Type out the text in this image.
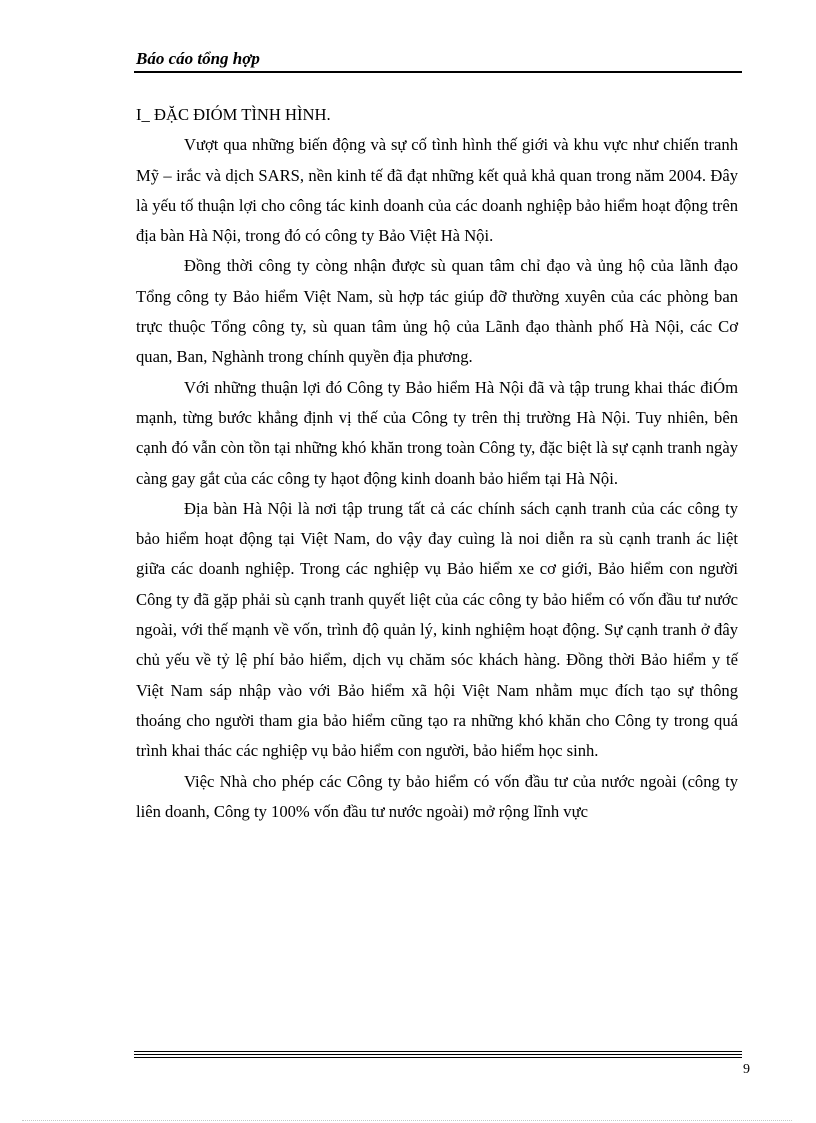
Báo cáo tổng hợp

I_ ĐẶC ĐIÓM TÌNH HÌNH.

Vượt qua những biến động và sự cố tình hình thế giới và khu vực như chiến tranh Mỹ – irắc và dịch SARS, nền kinh tế đã đạt những kết quả khả quan trong năm 2004. Đây là yếu tố thuận lợi cho công tác kinh doanh của các doanh nghiệp bảo hiểm hoạt động trên địa bàn Hà Nội, trong đó có công ty Bảo Việt Hà Nội.

Đồng thời công ty còng nhận được sù quan tâm chỉ đạo và ủng hộ của lãnh đạo Tổng công ty Bảo hiểm Việt Nam, sù hợp tác giúp đỡ thường xuyên của các phòng ban trực thuộc Tổng công ty, sù quan tâm ủng hộ của Lãnh đạo thành phố Hà Nội, các Cơ quan, Ban, Nghành trong chính quyền địa phương.

Với những thuận lợi đó Công ty Bảo hiểm Hà Nội đã và tập trung khai thác điÓm mạnh, từng bước khẳng định vị thế của Công ty trên thị trường Hà Nội. Tuy nhiên, bên cạnh đó vẫn còn tồn tại những khó khăn trong toàn Công ty, đặc biệt là sự cạnh tranh ngày càng gay gắt của các công ty hạot động kinh doanh bảo hiểm tại Hà Nội.

Địa bàn Hà Nội là nơi tập trung tất cả các chính sách cạnh tranh của các công ty bảo hiểm hoạt động tại Việt Nam, do vậy đay cuìng là noi diễn ra sù cạnh tranh ác liệt giữa các doanh nghiệp. Trong các nghiệp vụ Bảo hiểm xe cơ giới, Bảo hiểm con người Công ty đã gặp phải sù cạnh tranh quyết liệt của các công ty bảo hiểm có vốn đầu tư nước ngoài, với thế mạnh về vốn, trình độ quản lý, kinh nghiệm hoạt động. Sự cạnh tranh ở đây chủ yếu về tỷ lệ phí bảo hiểm, dịch vụ chăm sóc khách hàng. Đồng thời Bảo hiểm y tế Việt Nam sáp nhập vào với Bảo hiểm xã hội Việt Nam nhằm mục đích tạo sự thông thoáng cho người tham gia bảo hiểm cũng tạo ra những khó khăn cho Công ty trong quá trình khai thác các nghiệp vụ bảo hiểm con người, bảo hiểm học sinh.

Việc Nhà cho phép các Công ty bảo hiểm có vốn đầu tư của nước ngoài (công ty liên doanh, Công ty 100% vốn đầu tư nước ngoài) mở rộng lĩnh vực

9
